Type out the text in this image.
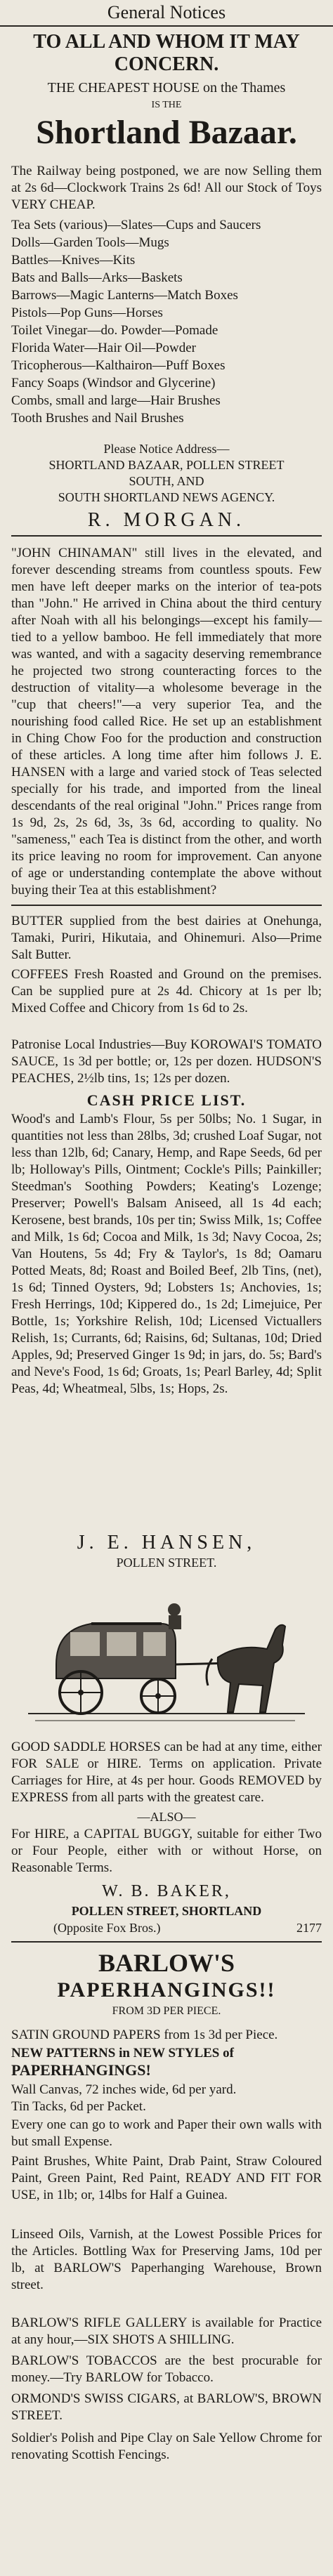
General Notices
TO ALL AND WHOM IT MAY
CONCERN.
THE CHEAPEST HOUSE on the Thames
IS THE
Shortland Bazaar.
The Railway being postponed, we are now Selling them at 2s 6d—Clockwork Trains 2s 6d! All our Stock of Toys VERY CHEAP.
Tea Sets (various)—Slates—Cups and Saucers
Dolls—Garden Tools—Mugs
Battles—Knives—Kits
Bats and Balls—Arks—Baskets
Barrows—Magic Lanterns—Match Boxes
Pistols—Pop Guns—Horses
Toilet Vinegar—do. Powder—Pomade
Florida Water—Hair Oil—Powder
Tricopherous—Kalthairon—Puff Boxes
Fancy Soaps (Windsor and Glycerine)
Combs, small and large—Hair Brushes
Tooth Brushes and Nail Brushes
Please Notice Address—
SHORTLAND BAZAAR, POLLEN STREET
SOUTH, AND
SOUTH SHORTLAND NEWS AGENCY.
R. MORGAN.
"JOHN CHINAMAN" still lives in the elevated, and forever descending streams from countless spouts. Few men have left deeper marks on the interior of tea-pots than "John." He arrived in China about the third century after Noah with all his belongings—except his family—tied to a yellow bamboo. He fell immediately that more was wanted, and with a sagacity deserving remembrance he projected two strong counteracting forces to the destruction of vitality—a wholesome beverage in the "cup that cheers!"—a very superior Tea, and the nourishing food called Rice. He set up an establishment in Ching Chow Foo for the production and construction of these articles. A long time after him follows J. E. HANSEN with a large and varied stock of Teas selected specially for his trade, and imported from the lineal descendants of the real original "John." Prices range from 1s 9d, 2s, 2s 6d, 3s, 3s 6d, according to quality. No "sameness," each Tea is distinct from the other, and worth its price leaving no room for improvement. Can anyone of age or understanding contemplate the above without buying their Tea at this establishment?
BUTTER supplied from the best dairies at Onehunga, Tamaki, Puriri, Hikutaia, and Ohinemuri. Also—Prime Salt Butter.
COFFEES Fresh Roasted and Ground on the premises. Can be supplied pure at 2s 4d. Chicory at 1s per lb; Mixed Coffee and Chicory from 1s 6d to 2s.
Patronise Local Industries—Buy KOROWAI'S TOMATO SAUCE, 1s 3d per bottle; or, 12s per dozen. HUDSON'S PEACHES, 2½lb tins, 1s; 12s per dozen.
CASH PRICE LIST.
Wood's and Lamb's Flour, 5s per 50lbs; No. 1 Sugar, in quantities not less than 28lbs, 3d; crushed Loaf Sugar, not less than 12lb, 6d; Canary, Hemp, and Rape Seeds, 6d per lb; Holloway's Pills, Ointment; Cockle's Pills; Painkiller; Steedman's Soothing Powders; Keating's Lozenge; Preserver; Powell's Balsam Aniseed, all 1s 4d each; Kerosene, best brands, 10s per tin; Swiss Milk, 1s; Coffee and Milk, 1s 6d; Cocoa and Milk, 1s 3d; Navy Cocoa, 2s; Van Houtens, 5s 4d; Fry & Taylor's, 1s 8d; Oamaru Potted Meats, 8d; Roast and Boiled Beef, 2lb Tins, (net), 1s 6d; Tinned Oysters, 9d; Lobsters 1s; Anchovies, 1s; Fresh Herrings, 10d; Kippered do., 1s 2d; Limejuice, Per Bottle, 1s; Yorkshire Relish, 10d; Licensed Victuallers Relish, 1s; Currants, 6d; Raisins, 6d; Sultanas, 10d; Dried Apples, 9d; Preserved Ginger 1s 9d; in jars, do. 5s; Bard's and Neve's Food, 1s 6d; Groats, 1s; Pearl Barley, 4d; Split Peas, 4d; Wheatmeal, 5lbs, 1s; Hops, 2s.
J. E. HANSEN,
POLLEN STREET.
GOOD SADDLE HORSES can be had at any time, either FOR SALE or HIRE. Terms on application. Private Carriages for Hire, at 4s per hour. Goods REMOVED by EXPRESS from all parts with the greatest care.
—ALSO—
For HIRE, a CAPITAL BUGGY, suitable for either Two or Four People, either with or without Horse, on Reasonable Terms.
W. B. BAKER,
POLLEN STREET, SHORTLAND
(Opposite Fox Bros.)	2177
BARLOW'S
PAPERHANGINGS!!
FROM 3D PER PIECE.
SATIN GROUND PAPERS from 1s 3d per Piece.
NEW PATTERNS in NEW STYLES of
PAPERHANGINGS!
Wall Canvas, 72 inches wide, 6d per yard.
Tin Tacks, 6d per Packet.
Every one can go to work and Paper their own walls with but small Expense.
Paint Brushes, White Paint, Drab Paint, Straw Coloured Paint, Green Paint, Red Paint, READY AND FIT FOR USE, in 1lb; or, 14lbs for Half a Guinea.
Linseed Oils, Varnish, at the Lowest Possible Prices for the Articles. Bottling Wax for Preserving Jams, 10d per lb, at BARLOW'S Paperhanging Warehouse, Brown street.
BARLOW'S RIFLE GALLERY is available for Practice at any hour,—SIX SHOTS A SHILLING.
BARLOW'S TOBACCOS are the best procurable for money.—Try BARLOW for Tobacco.
ORMOND'S SWISS CIGARS, at BARLOW'S, BROWN STREET.
Soldier's Polish and Pipe Clay on Sale Yellow Chrome for renovating Scottish Fencings.
